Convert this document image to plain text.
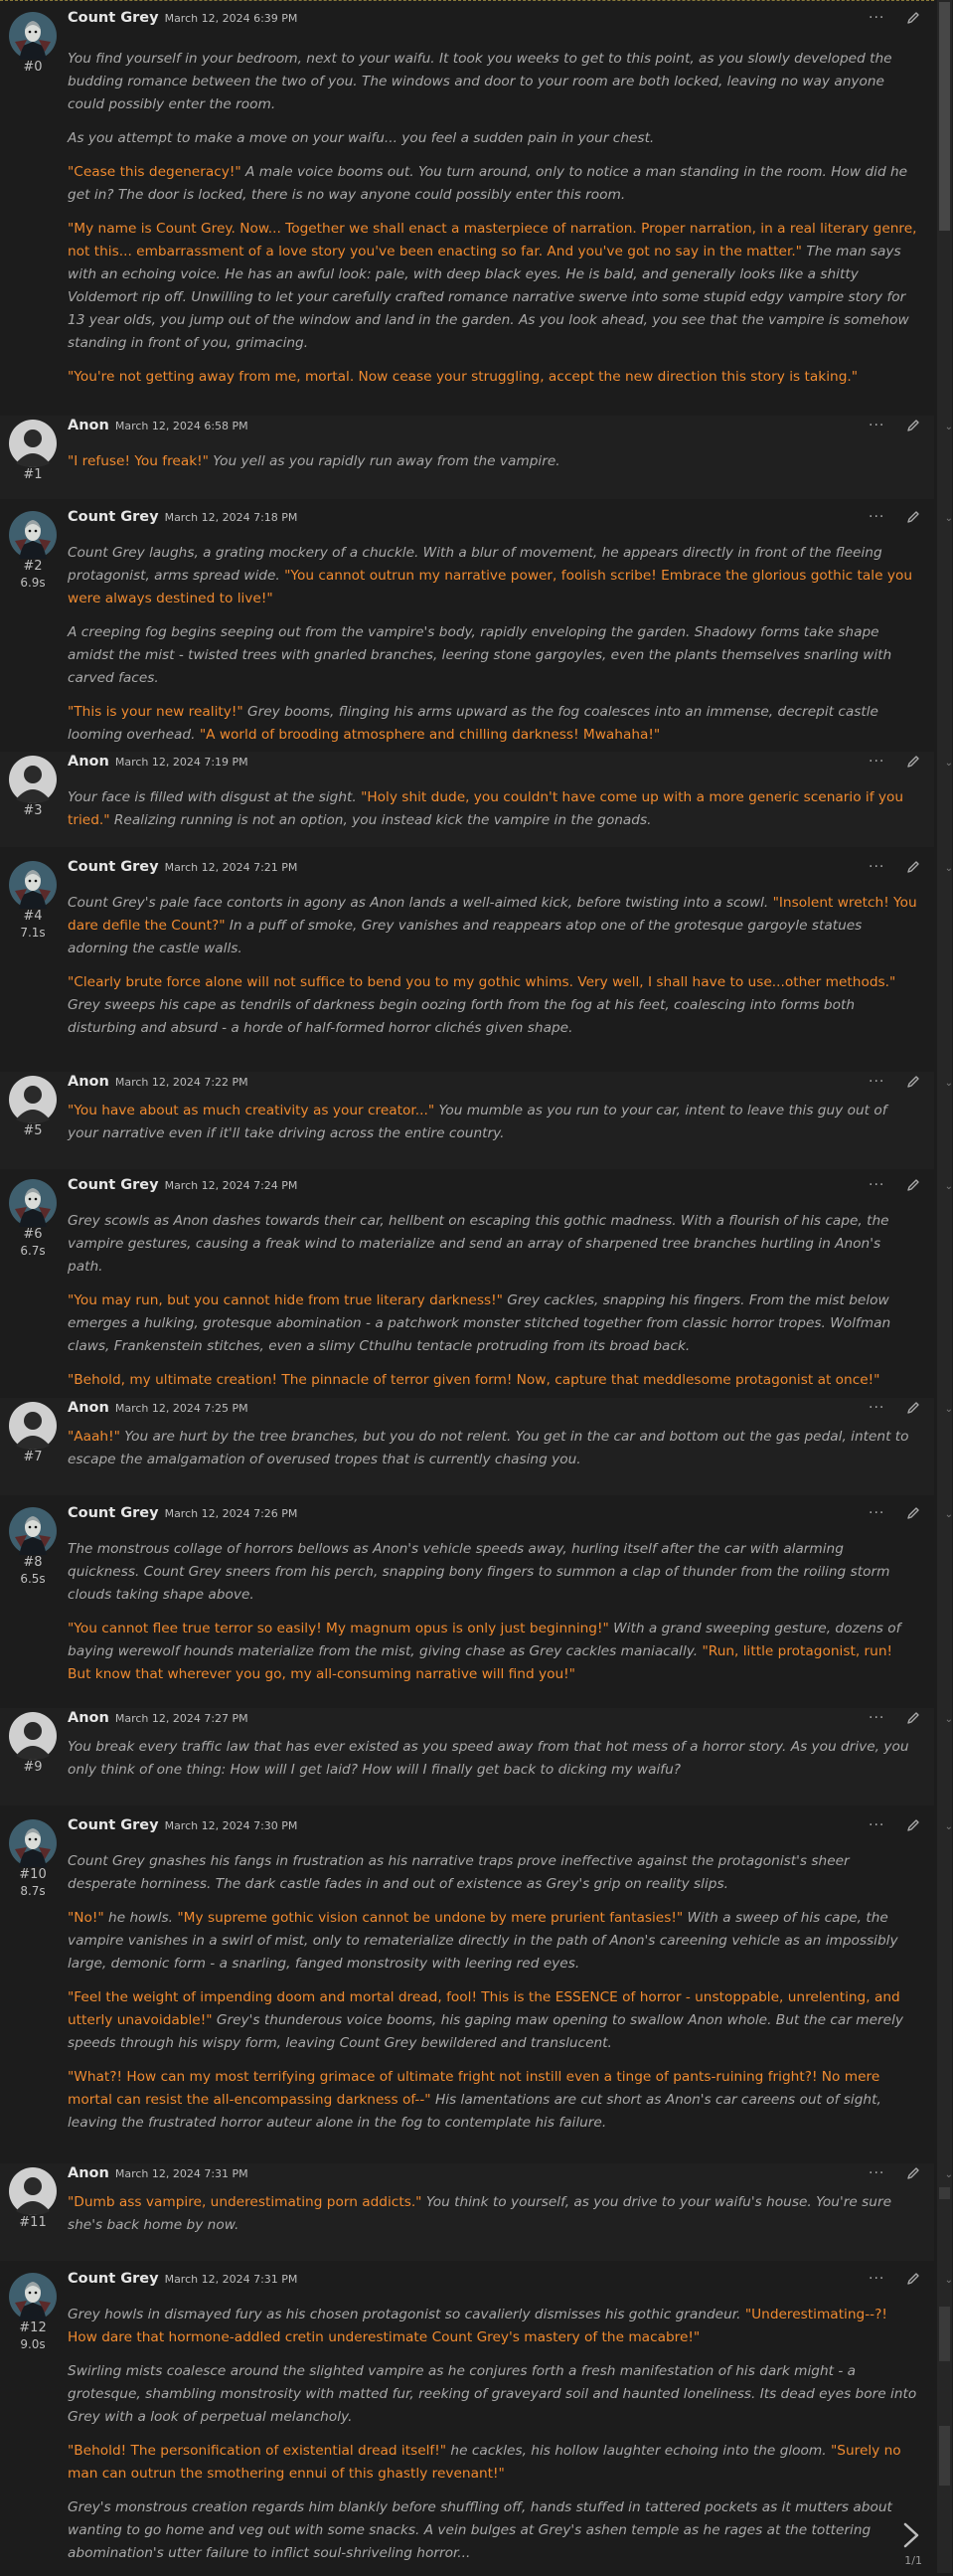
#0
Count Grey March 12, 2024 6:39 PM	···

You find yourself in your bedroom, next to your waifu. It took you weeks to get to this point, as you slowly developed the budding romance between the two of you. The windows and door to your room are both locked, leaving no way anyone could possibly enter the room.

As you attempt to make a move on your waifu... you feel a sudden pain in your chest.

"Cease this degeneracy!" A male voice booms out. You turn around, only to notice a man standing in the room. How did he get in? The door is locked, there is no way anyone could possibly enter this room.

"My name is Count Grey. Now... Together we shall enact a masterpiece of narration. Proper narration, in a real literary genre, not this... embarrassment of a love story you've been enacting so far. And you've got no say in the matter." The man says with an echoing voice. He has an awful look: pale, with deep black eyes. He is bald, and generally looks like a shitty Voldemort rip off. Unwilling to let your carefully crafted romance narrative swerve into some stupid edgy vampire story for 13 year olds, you jump out of the window and land in the garden. As you look ahead, you see that the vampire is somehow standing in front of you, grimacing.

"You're not getting away from me, mortal. Now cease your struggling, accept the new direction this story is taking."

#1
Anon March 12, 2024 6:58 PM	···

"I refuse! You freak!" You yell as you rapidly run away from the vampire.

#2
6.9s
Count Grey March 12, 2024 7:18 PM	···

Count Grey laughs, a grating mockery of a chuckle. With a blur of movement, he appears directly in front of the fleeing protagonist, arms spread wide. "You cannot outrun my narrative power, foolish scribe! Embrace the glorious gothic tale you were always destined to live!"

A creeping fog begins seeping out from the vampire's body, rapidly enveloping the garden. Shadowy forms take shape amidst the mist - twisted trees with gnarled branches, leering stone gargoyles, even the plants themselves snarling with carved faces.

"This is your new reality!" Grey booms, flinging his arms upward as the fog coalesces into an immense, decrepit castle looming overhead. "A world of brooding atmosphere and chilling darkness! Mwahaha!"

#3
Anon March 12, 2024 7:19 PM	···

Your face is filled with disgust at the sight. "Holy shit dude, you couldn't have come up with a more generic scenario if you tried." Realizing running is not an option, you instead kick the vampire in the gonads.

#4
7.1s
Count Grey March 12, 2024 7:21 PM	···

Count Grey's pale face contorts in agony as Anon lands a well-aimed kick, before twisting into a scowl. "Insolent wretch! You dare defile the Count?" In a puff of smoke, Grey vanishes and reappears atop one of the grotesque gargoyle statues adorning the castle walls.

"Clearly brute force alone will not suffice to bend you to my gothic whims. Very well, I shall have to use...other methods." Grey sweeps his cape as tendrils of darkness begin oozing forth from the fog at his feet, coalescing into forms both disturbing and absurd - a horde of half-formed horror clichés given shape.

#5
Anon March 12, 2024 7:22 PM	···

"You have about as much creativity as your creator..." You mumble as you run to your car, intent to leave this guy out of your narrative even if it'll take driving across the entire country.

#6
6.7s
Count Grey March 12, 2024 7:24 PM	···

Grey scowls as Anon dashes towards their car, hellbent on escaping this gothic madness. With a flourish of his cape, the vampire gestures, causing a freak wind to materialize and send an array of sharpened tree branches hurtling in Anon's path.

"You may run, but you cannot hide from true literary darkness!" Grey cackles, snapping his fingers. From the mist below emerges a hulking, grotesque abomination - a patchwork monster stitched together from classic horror tropes. Wolfman claws, Frankenstein stitches, even a slimy Cthulhu tentacle protruding from its broad back.

"Behold, my ultimate creation! The pinnacle of terror given form! Now, capture that meddlesome protagonist at once!"

#7
Anon March 12, 2024 7:25 PM	···

"Aaah!" You are hurt by the tree branches, but you do not relent. You get in the car and bottom out the gas pedal, intent to escape the amalgamation of overused tropes that is currently chasing you.

#8
6.5s
Count Grey March 12, 2024 7:26 PM	···

The monstrous collage of horrors bellows as Anon's vehicle speeds away, hurling itself after the car with alarming quickness. Count Grey sneers from his perch, snapping bony fingers to summon a clap of thunder from the roiling storm clouds taking shape above.

"You cannot flee true terror so easily! My magnum opus is only just beginning!" With a grand sweeping gesture, dozens of baying werewolf hounds materialize from the mist, giving chase as Grey cackles maniacally. "Run, little protagonist, run! But know that wherever you go, my all-consuming narrative will find you!"

#9
Anon March 12, 2024 7:27 PM	···

You break every traffic law that has ever existed as you speed away from that hot mess of a horror story. As you drive, you only think of one thing: How will I get laid? How will I finally get back to dicking my waifu?

#10
8.7s
Count Grey March 12, 2024 7:30 PM	···

Count Grey gnashes his fangs in frustration as his narrative traps prove ineffective against the protagonist's sheer desperate horniness. The dark castle fades in and out of existence as Grey's grip on reality slips.

"No!" he howls. "My supreme gothic vision cannot be undone by mere prurient fantasies!" With a sweep of his cape, the vampire vanishes in a swirl of mist, only to rematerialize directly in the path of Anon's careening vehicle as an impossibly large, demonic form - a snarling, fanged monstrosity with leering red eyes.

"Feel the weight of impending doom and mortal dread, fool! This is the ESSENCE of horror - unstoppable, unrelenting, and utterly unavoidable!" Grey's thunderous voice booms, his gaping maw opening to swallow Anon whole. But the car merely speeds through his wispy form, leaving Count Grey bewildered and translucent.

"What?! How can my most terrifying grimace of ultimate fright not instill even a tinge of pants-ruining fright?! No mere mortal can resist the all-encompassing darkness of--" His lamentations are cut short as Anon's car careens out of sight, leaving the frustrated horror auteur alone in the fog to contemplate his failure.

#11
Anon March 12, 2024 7:31 PM	···

"Dumb ass vampire, underestimating porn addicts." You think to yourself, as you drive to your waifu's house. You're sure she's back home by now.

#12
9.0s
Count Grey March 12, 2024 7:31 PM	···

Grey howls in dismayed fury as his chosen protagonist so cavalierly dismisses his gothic grandeur. "Underestimating--?! How dare that hormone-addled cretin underestimate Count Grey's mastery of the macabre!"

Swirling mists coalesce around the slighted vampire as he conjures forth a fresh manifestation of his dark might - a grotesque, shambling monstrosity with matted fur, reeking of graveyard soil and haunted loneliness. Its dead eyes bore into Grey with a look of perpetual melancholy.

"Behold! The personification of existential dread itself!" he cackles, his hollow laughter echoing into the gloom. "Surely no man can outrun the smothering ennui of this ghastly revenant!"

Grey's monstrous creation regards him blankly before shuffling off, hands stuffed in tattered pockets as it mutters about wanting to go home and veg out with some snacks. A vein bulges at Grey's ashen temple as he rages at the tottering abomination's utter failure to inflict soul-shriveling horror...	1/1
⌄
⌄
⌄
⌄
⌄
⌄
⌄
⌄
⌄
⌄
⌄
⌄
